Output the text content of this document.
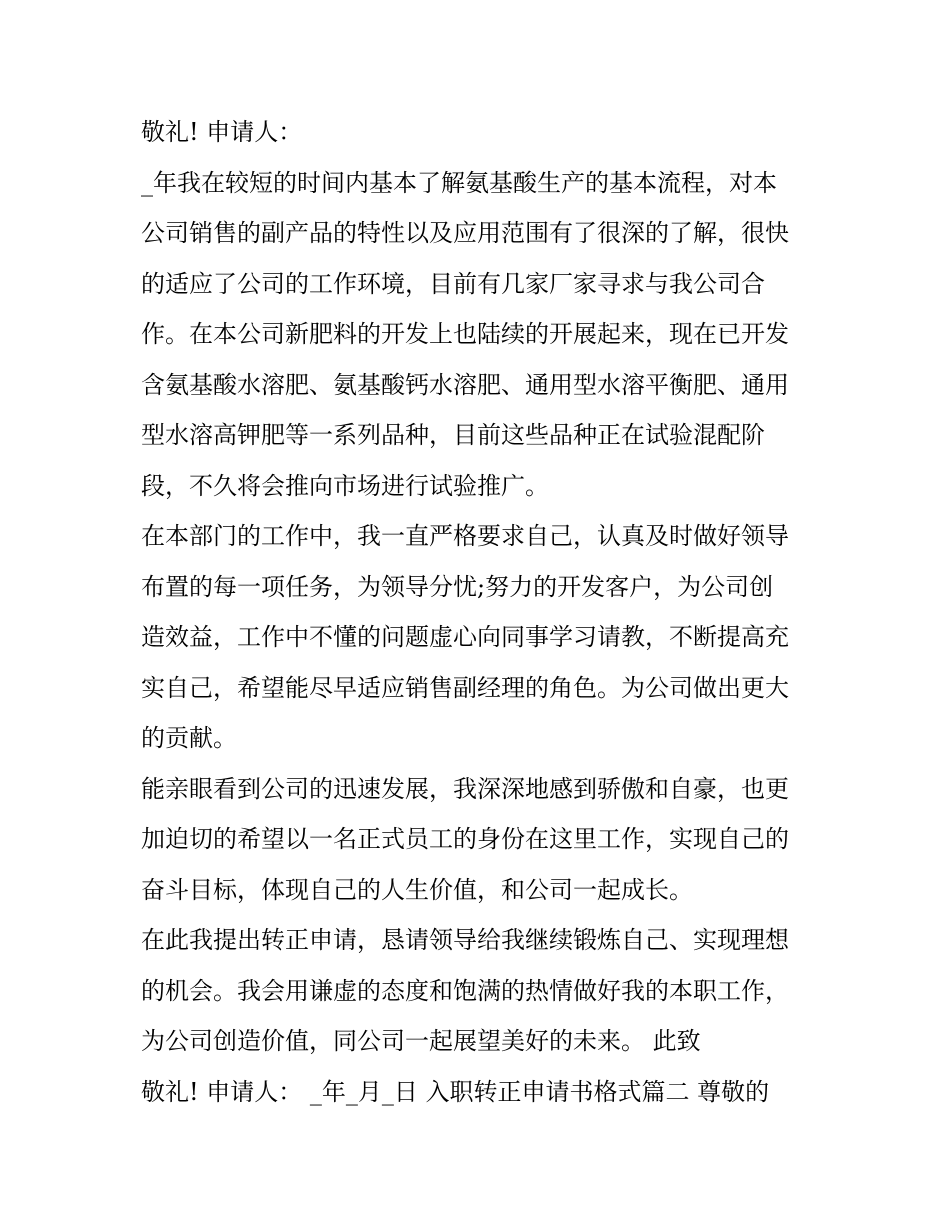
敬礼! 申请人：
_年我在较短的时间内基本了解氨基酸生产的基本流程，对本
公司销售的副产品的特性以及应用范围有了很深的了解，很快
的适应了公司的工作环境，目前有几家厂家寻求与我公司合
作。在本公司新肥料的开发上也陆续的开展起来，现在已开发
含氨基酸水溶肥、氨基酸钙水溶肥、通用型水溶平衡肥、通用
型水溶高钾肥等一系列品种，目前这些品种正在试验混配阶
段，不久将会推向市场进行试验推广。
在本部门的工作中，我一直严格要求自己，认真及时做好领导
布置的每一项任务，为领导分忧;努力的开发客户，为公司创
造效益，工作中不懂的问题虚心向同事学习请教，不断提高充
实自己，希望能尽早适应销售副经理的角色。为公司做出更大
的贡献。
能亲眼看到公司的迅速发展，我深深地感到骄傲和自豪，也更
加迫切的希望以一名正式员工的身份在这里工作，实现自己的
奋斗目标，体现自己的人生价值，和公司一起成长。
在此我提出转正申请，恳请领导给我继续锻炼自己、实现理想
的机会。我会用谦虚的态度和饱满的热情做好我的本职工作，
为公司创造价值，同公司一起展望美好的未来。 此致
敬礼! 申请人： _年_月_日 入职转正申请书格式篇二 尊敬的
